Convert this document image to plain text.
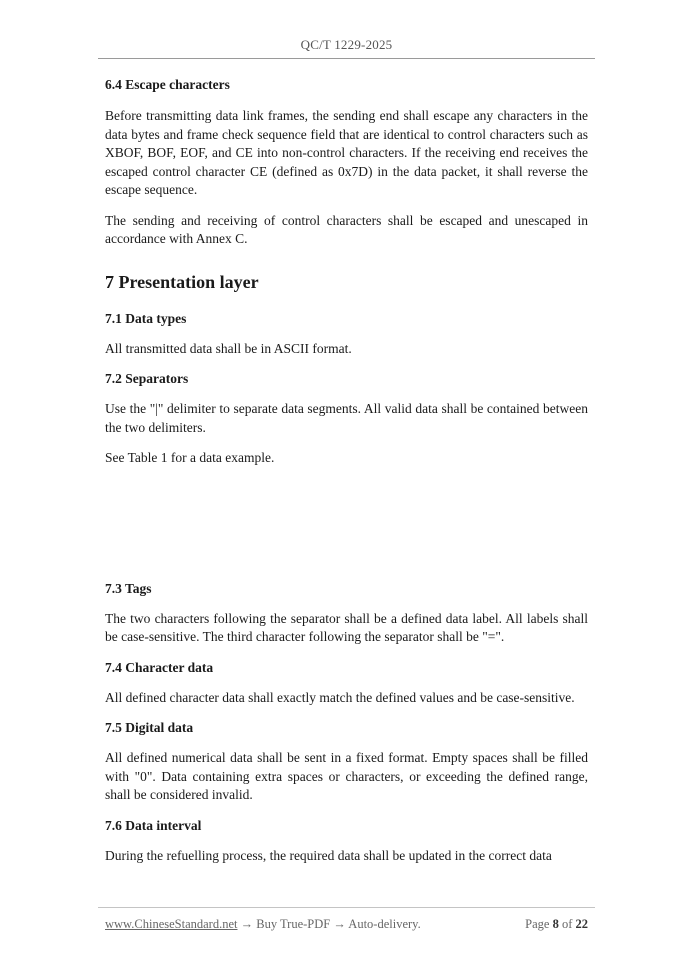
QC/T 1229-2025
6.4 Escape characters

Before transmitting data link frames, the sending end shall escape any characters in the data bytes and frame check sequence field that are identical to control characters such as XBOF, BOF, EOF, and CE into non-control characters. If the receiving end receives the escaped control character CE (defined as 0x7D) in the data packet, it shall reverse the escape sequence.

The sending and receiving of control characters shall be escaped and unescaped in accordance with Annex C.

7 Presentation layer
7.1 Data types

All transmitted data shall be in ASCII format.

7.2 Separators

Use the "|" delimiter to separate data segments. All valid data shall be contained between the two delimiters.

See Table 1 for a data example.

7.3 Tags

The two characters following the separator shall be a defined data label. All labels shall be case-sensitive. The third character following the separator shall be "=".

7.4 Character data

All defined character data shall exactly match the defined values and be case-sensitive.

7.5 Digital data

All defined numerical data shall be sent in a fixed format. Empty spaces shall be filled with "0". Data containing extra spaces or characters, or exceeding the defined range, shall be considered invalid.

7.6 Data interval

During the refuelling process, the required data shall be updated in the correct data

www.ChineseStandard.net → Buy True-PDF → Auto-delivery.	Page 8 of 22
